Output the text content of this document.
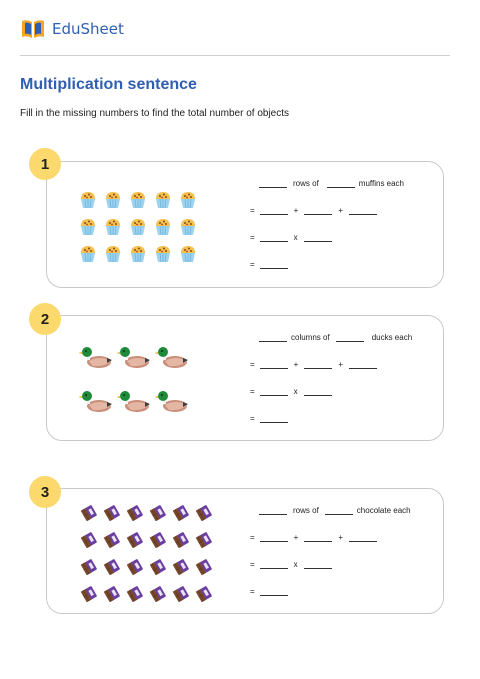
EduSheet
Multiplication sentence
Fill in the missing numbers to find the total number of objects
rows of	muffins each
=	+	+
=	x
=
1
columns of	ducks each
=	+	+
=	x
=
2
rows of	chocolate each
=	+	+
=	x
=
3
